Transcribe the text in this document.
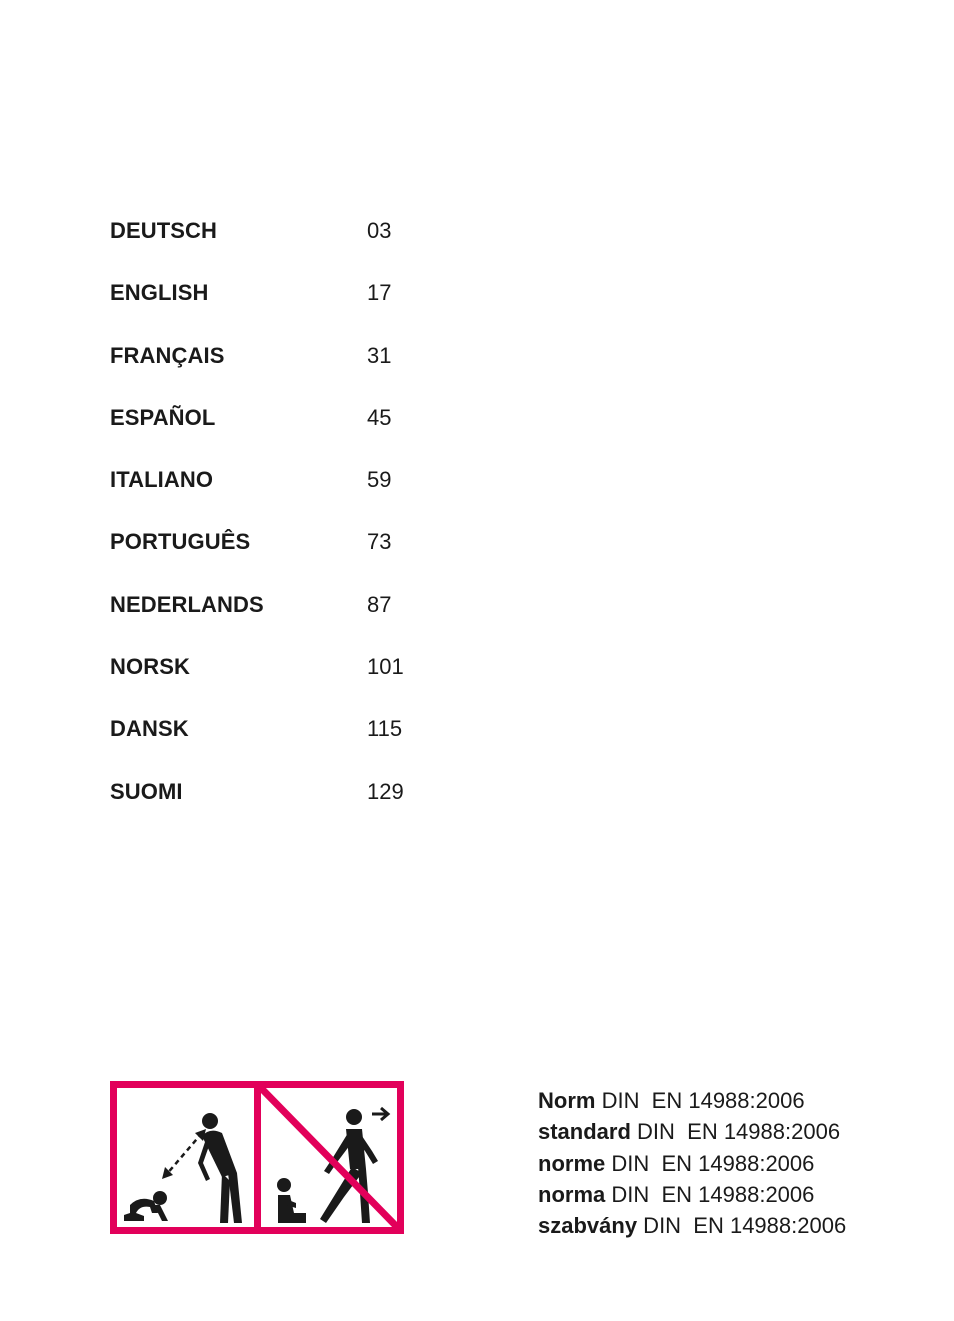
DEUTSCH	03
ENGLISH	17
FRANÇAIS	31
ESPAÑOL	45
ITALIANO	59
PORTUGUÊS	73
NEDERLANDS	87
NORSK	101
DANSK	115
SUOMI	129
Norm DIN  EN 14988:2006
standard DIN  EN 14988:2006
norme DIN  EN 14988:2006
norma DIN  EN 14988:2006
szabvány DIN  EN 14988:2006
